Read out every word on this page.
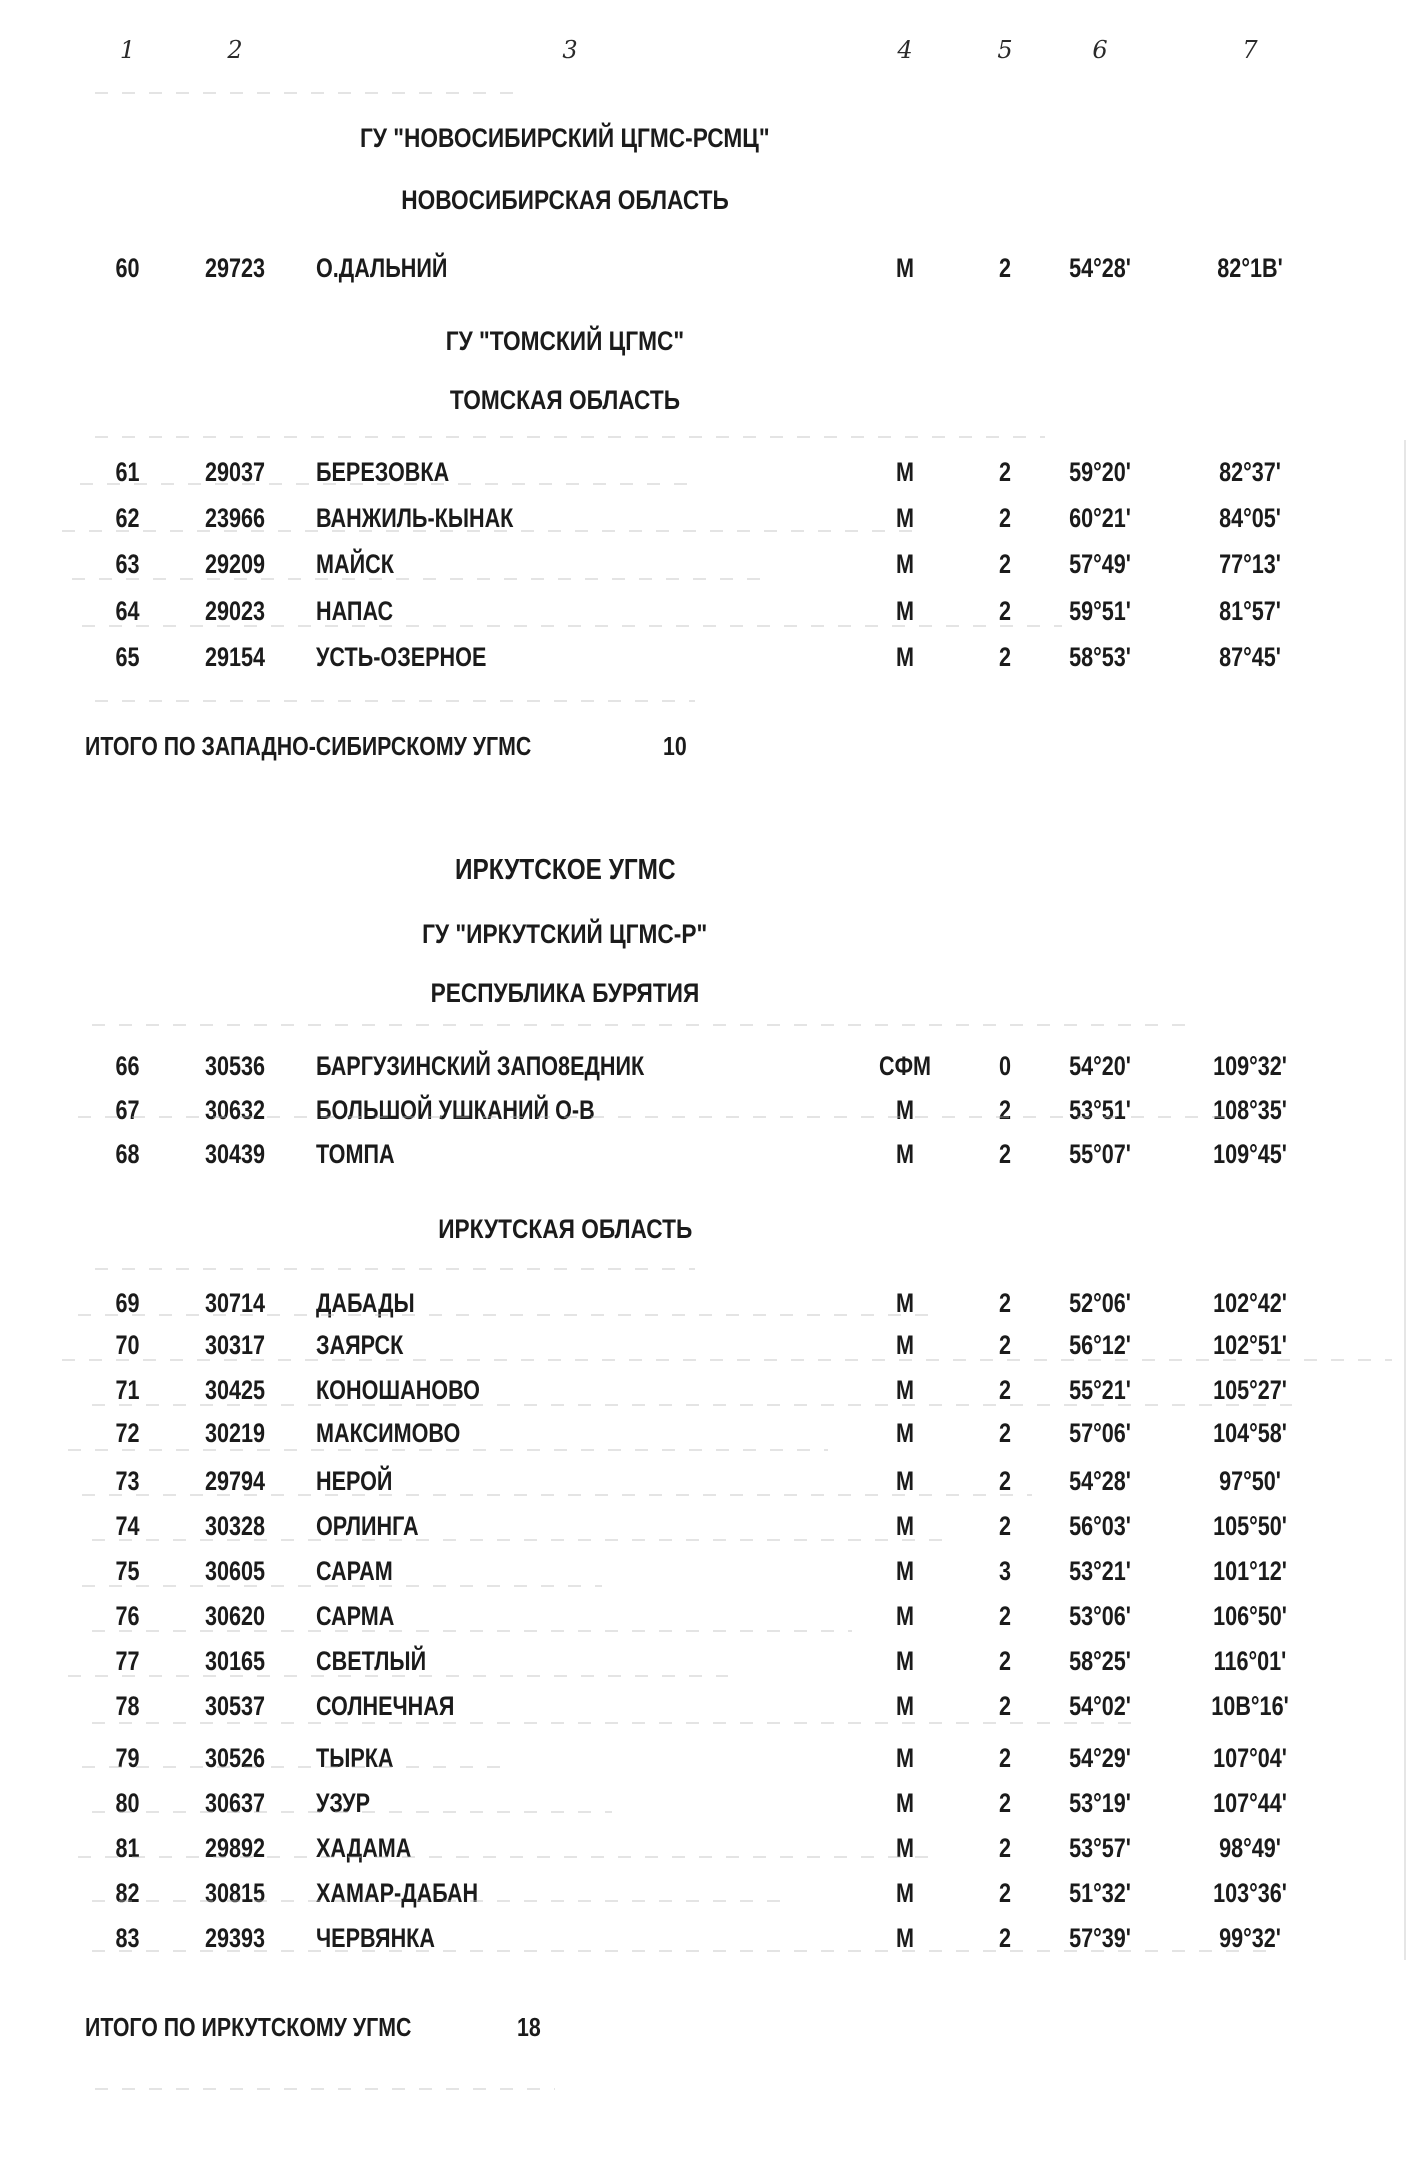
1	2	3	4	5	6	7
ГУ "НОВОСИБИРСКИЙ ЦГМС-РСМЦ"
НОВОСИБИРСКАЯ ОБЛАСТЬ
60	29723	О.ДАЛЬНИЙ	М	2	54°28'	82°1В'
ГУ "ТОМСКИЙ ЦГМС"
ТОМСКАЯ ОБЛАСТЬ
61	29037	БЕРЕЗОВКА	М	2	59°20'	82°37'
62	23966	ВАНЖИЛЬ-КЫНАК	М	2	60°21'	84°05'
63	29209	МАЙСК	М	2	57°49'	77°13'
64	29023	НАПАС	М	2	59°51'	81°57'
65	29154	УСТЬ-ОЗЕРНОЕ	М	2	58°53'	87°45'
ИТОГО ПО ЗАПАДНО-СИБИРСКОМУ УГМС	10
ИРКУТСКОЕ УГМС
ГУ "ИРКУТСКИЙ ЦГМС-Р"
РЕСПУБЛИКА БУРЯТИЯ
66	30536	БАРГУЗИНСКИЙ ЗАПО8ЕДНИК	СФМ	0	54°20'	109°32'
67	30632	БОЛЬШОЙ УШКАНИЙ О-В	М	2	53°51'	108°35'
68	30439	ТОМПА	М	2	55°07'	109°45'
ИРКУТСКАЯ ОБЛАСТЬ
69	30714	ДАБАДЫ	М	2	52°06'	102°42'
70	30317	ЗАЯРСК	М	2	56°12'	102°51'
71	30425	КОНОШАНОВО	М	2	55°21'	105°27'
72	30219	МАКСИМОВО	М	2	57°06'	104°58'
73	29794	НЕРОЙ	М	2	54°28'	97°50'
74	30328	ОРЛИНГА	М	2	56°03'	105°50'
75	30605	САРАМ	М	3	53°21'	101°12'
76	30620	САРМА	М	2	53°06'	106°50'
77	30165	СВЕТЛЫЙ	М	2	58°25'	116°01'
78	30537	СОЛНЕЧНАЯ	М	2	54°02'	10В°16'
79	30526	ТЫРКА	М	2	54°29'	107°04'
80	30637	УЗУР	М	2	53°19'	107°44'
81	29892	ХАДАМА	М	2	53°57'	98°49'
82	30815	ХАМАР-ДАБАН	М	2	51°32'	103°36'
83	29393	ЧЕРВЯНКА	М	2	57°39'	99°32'
ИТОГО ПО ИРКУТСКОМУ УГМС	18
